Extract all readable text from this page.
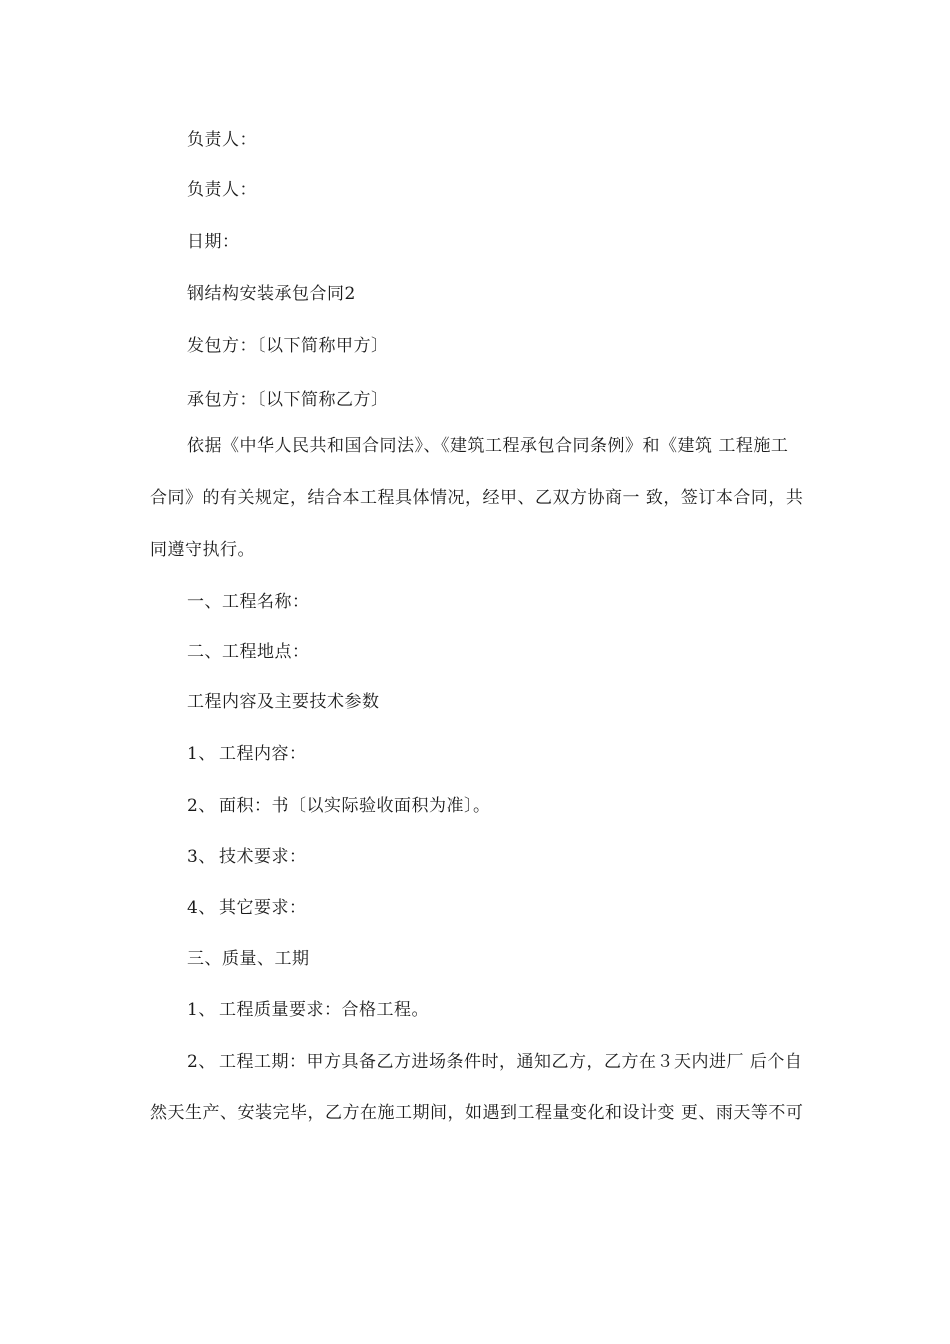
负责人：
负责人：
日期：
钢结构安装承包合同2
发包方：〔以下简称甲方〕
承包方：〔以下简称乙方〕
依据《中华人民共和国合同法》、《建筑工程承包合同条例》和《建筑 工程施工
合同》的有关规定，结合本工程具体情况，经甲、乙双方协商一 致，签订本合同，共
同遵守执行。
一、工程名称：
二、工程地点：
工程内容及主要技术参数
1、 工程内容：
2、 面积：书〔以实际验收面积为准〕。
3、 技术要求：
4、 其它要求：
三、质量、工期
1、 工程质量要求：合格工程。
2、 工程工期：甲方具备乙方进场条件时，通知乙方，乙方在３天内进厂 后个自
然天生产、安装完毕，乙方在施工期间，如遇到工程量变化和设计变 更、雨天等不可
